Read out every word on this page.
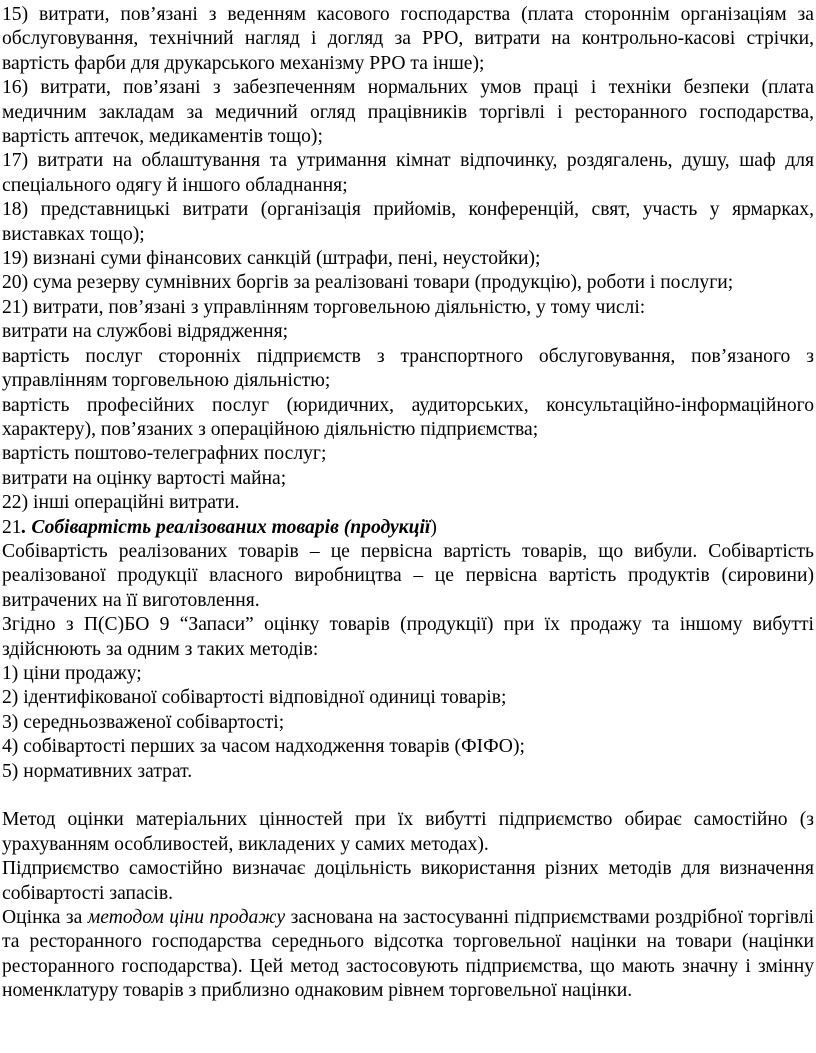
15) витрати, пов’язані з веденням касового господарства (плата стороннім організаціям за обслуговування, технічний нагляд і догляд за РРО, витрати на контрольно-касові стрічки, вартість фарби для друкарського механізму РРО та інше);

16) витрати, пов’язані з забезпеченням нормальних умов праці і техніки безпеки (плата медичним закладам за медичний огляд працівників торгівлі і ресторанного господарства, вартість аптечок, медикаментів тощо);

17) витрати на облаштування та утримання кімнат відпочинку, роздягалень, душу, шаф для спеціального одягу й іншого обладнання;

18) представницькі витрати (організація прийомів, конференцій, свят, участь у ярмарках, виставках тощо);

19) визнані суми фінансових санкцій (штрафи, пені, неустойки);

20) сума резерву сумнівних боргів за реалізовані товари (продукцію), роботи і послуги;

21) витрати, пов’язані з управлінням торговельною діяльністю, у тому числі:

витрати на службові відрядження;

вартість послуг сторонніх підприємств з транспортного обслуговування, пов’язаного з управлінням торговельною діяльністю;

вартість професійних послуг (юридичних, аудиторських, консультаційно-інформаційного характеру), пов’язаних з операційною діяльністю підприємства;

вартість поштово-телеграфних послуг;

витрати на оцінку вартості майна;

22) інші операційні витрати.

21. Собівартість реалізованих товарів (продукції)

Собівартість реалізованих товарів – це первісна вартість товарів, що вибули. Собівартість реалізованої продукції власного виробництва – це первісна вартість продуктів (сировини) витрачених на її виготовлення.

Згідно з П(С)БО 9 “Запаси” оцінку товарів (продукції) при їх продажу та іншому вибутті здійснюють за одним з таких методів:

1) ціни продажу;

2) ідентифікованої собівартості відповідної одиниці товарів;

3) середньозваженої собівартості;

4) собівартості перших за часом надходження товарів (ФІФО);

5) нормативних затрат.

Метод оцінки матеріальних цінностей при їх вибутті підприємство обирає самостійно (з урахуванням особливостей, викладених у самих методах).

Підприємство самостійно визначає доцільність використання різних методів для визначення собівартості запасів.

Оцінка за методом ціни продажу заснована на застосуванні підприємствами роздрібної торгівлі та ресторанного господарства середнього відсотка торговельної націнки на товари (націнки ресторанного господарства). Цей метод застосовують підприємства, що мають значну і змінну номенклатуру товарів з приблизно однаковим рівнем торговельної націнки.
